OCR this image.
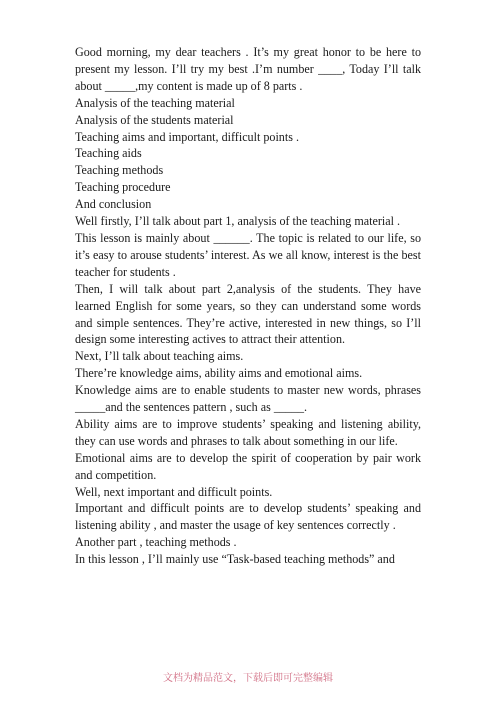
Good morning, my dear teachers . It’s my great honor to be here to present my lesson. I’ll try my best .I’m number ____, Today I’ll talk about _____,my content is made up of 8 parts .

Analysis of the teaching material

Analysis of the students material

Teaching aims and important, difficult points .

Teaching aids

Teaching methods

Teaching procedure

And conclusion

Well firstly, I’ll talk about part 1, analysis of the teaching material .

This lesson is mainly about ______. The topic is related to our life, so it’s easy to arouse students’ interest. As we all know, interest is the best teacher for students .

Then, I will talk about part 2,analysis of the students. They have learned English for some years, so they can understand some words and simple sentences. They’re active, interested in new things, so I’ll design some interesting actives to attract their attention.

Next, I’ll talk about teaching aims.

There’re knowledge aims, ability aims and emotional aims.

Knowledge aims are to enable students to master new words, phrases _____and the sentences pattern , such as _____.

Ability aims are to improve students’ speaking and listening ability, they can use words and phrases to talk about something in our life.

Emotional aims are to develop the spirit of cooperation by pair work and competition.

Well, next important and difficult points.

Important and difficult points are to develop students’ speaking and listening ability , and master the usage of key sentences correctly .

Another part , teaching methods .

In this lesson , I’ll mainly use “Task-based teaching methods” and

文档为精品范文，下载后即可完整编辑
